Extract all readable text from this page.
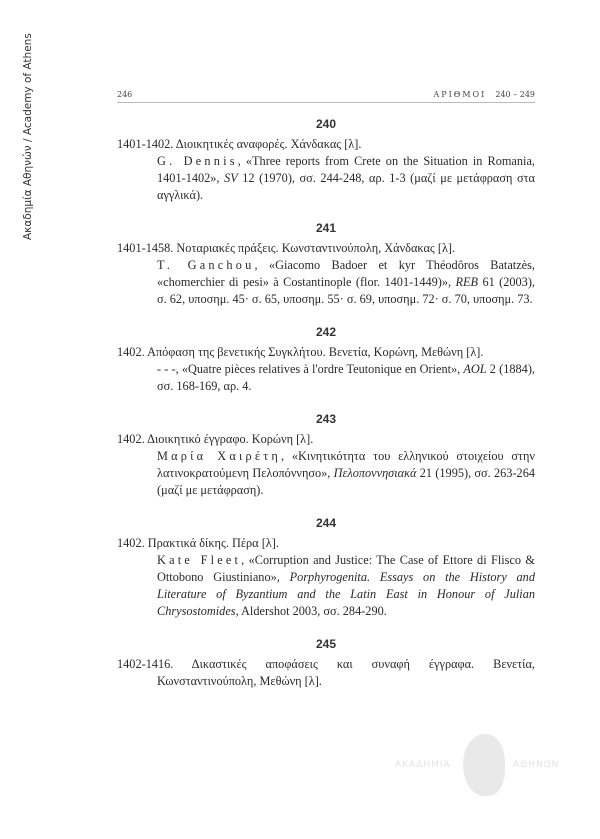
Ακαδημία Αθηνών / Academy of Athens	246	ΑΡΙΘΜΟΙ 240 – 249
240
1401-1402. Διοικητικές αναφορές. Χάνδακας [λ].
G. Dennis, «Three reports from Crete on the Situation in Romania, 1401-1402», SV 12 (1970), σσ. 244-248, αρ. 1-3 (μαζί με μετάφραση στα αγγλικά).
241
1401-1458. Νοταριακές πράξεις. Κωνσταντινούπολη, Χάνδακας [λ].
T. Ganchou, «Giacomo Badoer et kyr Théodôros Batatzès, «chomerchier di pesi» à Costantinople (flor. 1401-1449)», REB 61 (2003), σ. 62, υποσημ. 45· σ. 65, υποσημ. 55· σ. 69, υποσημ. 72· σ. 70, υποσημ. 73.
242
1402. Απόφαση της βενετικής Συγκλήτου. Βενετία, Κορώνη, Μεθώνη [λ].
- - -, «Quatre pièces relatives à l'ordre Teutonique en Orient», AOL 2 (1884), σσ. 168-169, αρ. 4.
243
1402. Διοικητικό έγγραφο. Κορώνη [λ].
Μαρία Χαιρέτη, «Κινητικότητα του ελληνικού στοιχείου στην λατινοκρατούμενη Πελοπόννησο», Πελοποννησιακά 21 (1995), σσ. 263-264 (μαζί με μετάφραση).
244
1402. Πρακτικά δίκης. Πέρα [λ].
Kate Fleet, «Corruption and Justice: The Case of Ettore di Flisco & Ottobono Giustiniano», Porphyrogenita. Essays on the History and Literature of Byzantium and the Latin East in Honour of Julian Chrysostomides, Aldershot 2003, σσ. 284-290.
245
1402-1416. Δικαστικές αποφάσεις και συναφή έγγραφα. Βενετία, Κωνσταντινούπολη, Μεθώνη [λ].
ΑΚΑΔΗΜΙΑ	ΑΘΗΝΩΝ
